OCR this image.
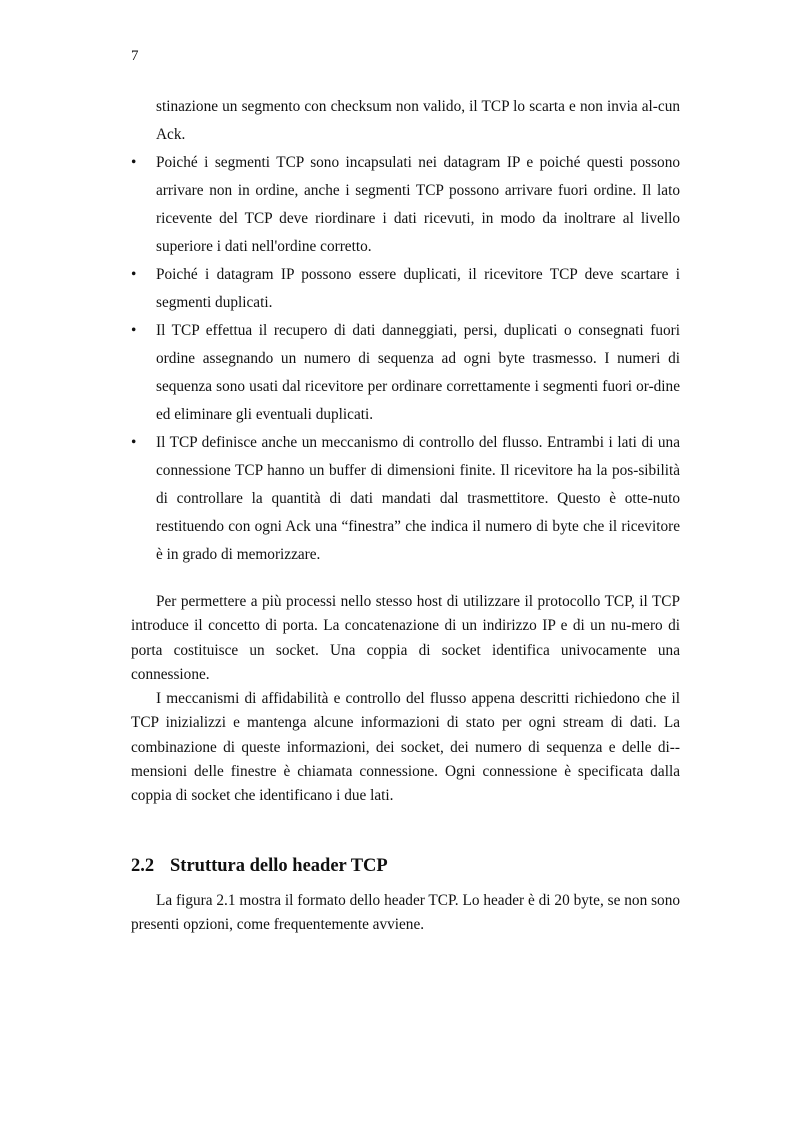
7
stinazione un segmento con checksum non valido, il TCP lo scarta e non invia al-cun Ack.
•	Poiché i segmenti TCP sono incapsulati nei datagram IP e poiché questi possono arrivare non in ordine, anche i segmenti TCP possono arrivare fuori ordine. Il lato ricevente del TCP deve riordinare i dati ricevuti, in modo da inoltrare al livello superiore i dati nell'ordine corretto.
•	Poiché i datagram IP possono essere duplicati, il ricevitore TCP deve scartare i segmenti duplicati.
•	Il TCP effettua il recupero di dati danneggiati, persi, duplicati o consegnati fuori ordine assegnando un numero di sequenza ad ogni byte trasmesso. I numeri di sequenza sono usati dal ricevitore per ordinare correttamente i segmenti fuori or-dine ed eliminare gli eventuali duplicati.
•	Il TCP definisce anche un meccanismo di controllo del flusso. Entrambi i lati di una connessione TCP hanno un buffer di dimensioni finite. Il ricevitore ha la pos-sibilità di controllare la quantità di dati mandati dal trasmettitore. Questo è otte-nuto restituendo con ogni Ack una “finestra” che indica il numero di byte che il ricevitore è in grado di memorizzare.

Per permettere a più processi nello stesso host di utilizzare il protocollo TCP, il TCP introduce il concetto di porta. La concatenazione di un indirizzo IP e di un nu-mero di porta costituisce un socket. Una coppia di socket identifica univocamente una connessione.

I meccanismi di affidabilità e controllo del flusso appena descritti richiedono che il TCP inizializzi e mantenga alcune informazioni di stato per ogni stream di dati. La combinazione di queste informazioni, dei socket, dei numero di sequenza e delle di-mensioni delle finestre è chiamata connessione. Ogni connessione è specificata dalla coppia di socket che identificano i due lati.

2.2 Struttura dello header TCP

La figura 2.1 mostra il formato dello header TCP. Lo header è di 20 byte, se non sono presenti opzioni, come frequentemente avviene.
